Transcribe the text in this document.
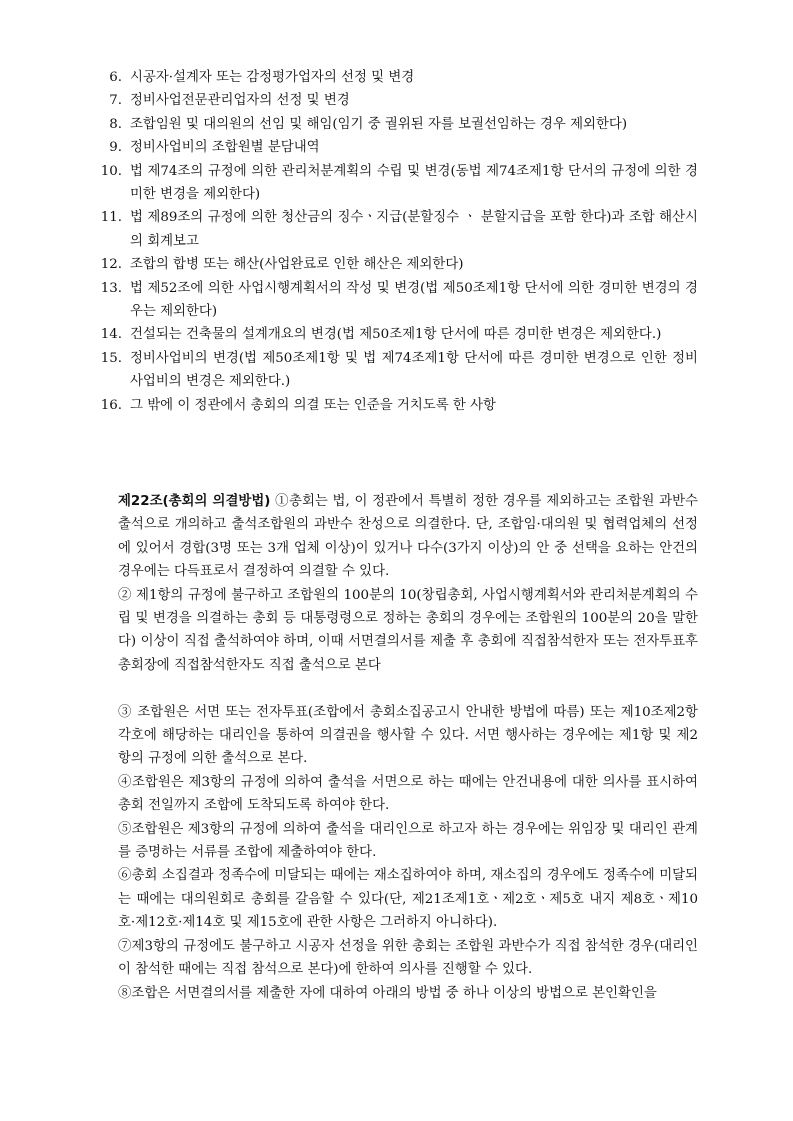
6. 시공자·설계자 또는 감정평가업자의 선정 및 변경
7. 정비사업전문관리업자의 선정 및 변경
8. 조합임원 및 대의원의 선임 및 해임(임기 중 궐위된 자를 보궐선임하는 경우 제외한다)
9. 정비사업비의 조합원별 분담내역
10. 법 제74조의 규정에 의한 관리처분계획의 수립 및 변경(동법 제74조제1항 단서의 규정에 의한 경미한 변경을 제외한다)
11. 법 제89조의 규정에 의한 청산금의 징수ㆍ지급(분할징수 ㆍ 분할지급을 포함 한다)과 조합 해산시의 회계보고
12. 조합의 합병 또는 해산(사업완료로 인한 해산은 제외한다)
13. 법 제52조에 의한 사업시행계획서의 작성 및 변경(법 제50조제1항 단서에 의한 경미한 변경의 경우는 제외한다)
14. 건설되는 건축물의 설계개요의 변경(법 제50조제1항 단서에 따른 경미한 변경은 제외한다.)
15. 정비사업비의 변경(법 제50조제1항 및 법 제74조제1항 단서에 따른 경미한 변경으로 인한 정비사업비의 변경은 제외한다.)
16. 그 밖에 이 정관에서 총회의 의결 또는 인준을 거치도록 한 사항

제22조(총회의 의결방법) ①총회는 법, 이 정관에서 특별히 정한 경우를 제외하고는 조합원 과반수 출석으로 개의하고 출석조합원의 과반수 찬성으로 의결한다. 단, 조합임·대의원 및 협력업체의 선정에 있어서 경합(3명 또는 3개 업체 이상)이 있거나 다수(3가지 이상)의 안 중 선택을 요하는 안건의 경우에는 다득표로서 결정하여 의결할 수 있다.

② 제1항의 규정에 불구하고 조합원의 100분의 10(창립총회, 사업시행계획서와 관리처분계획의 수립 및 변경을 의결하는 총회 등 대통령령으로 정하는 총회의 경우에는 조합원의 100분의 20을 말한다) 이상이 직접 출석하여야 하며, 이때 서면결의서를 제출 후 총회에 직접참석한자 또는 전자투표후 총회장에 직접참석한자도 직접 출석으로 본다

③ 조합원은 서면 또는 전자투표(조합에서 총회소집공고시 안내한 방법에 따름) 또는 제10조제2항 각호에 해당하는 대리인을 통하여 의결권을 행사할 수 있다. 서면 행사하는 경우에는 제1항 및 제2항의 규정에 의한 출석으로 본다.

④조합원은 제3항의 규정에 의하여 출석을 서면으로 하는 때에는 안건내용에 대한 의사를 표시하여 총회 전일까지 조합에 도착되도록 하여야 한다.

⑤조합원은 제3항의 규정에 의하여 출석을 대리인으로 하고자 하는 경우에는 위임장 및 대리인 관계를 증명하는 서류를 조합에 제출하여야 한다.

⑥총회 소집결과 정족수에 미달되는 때에는 재소집하여야 하며, 재소집의 경우에도 정족수에 미달되는 때에는 대의원회로 총회를 갈음할 수 있다(단, 제21조제1호ㆍ제2호ㆍ제5호 내지 제8호ㆍ제10호·제12호·제14호 및 제15호에 관한 사항은 그러하지 아니하다).

⑦제3항의 규정에도 불구하고 시공자 선정을 위한 총회는 조합원 과반수가 직접 참석한 경우(대리인이 참석한 때에는 직접 참석으로 본다)에 한하여 의사를 진행할 수 있다.

⑧조합은 서면결의서를 제출한 자에 대하여 아래의 방법 중 하나 이상의 방법으로 본인확인을
